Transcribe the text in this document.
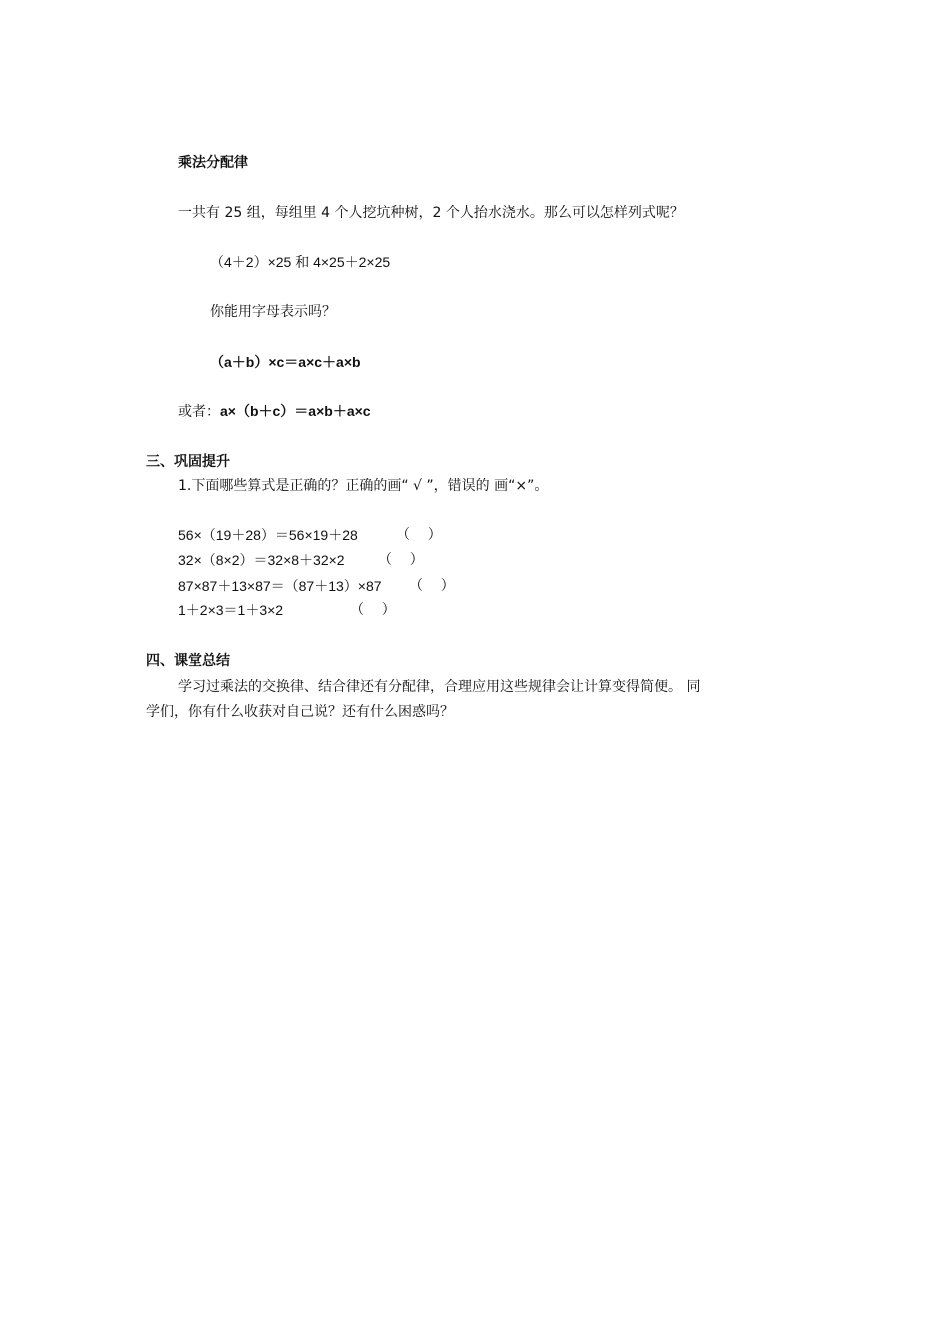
乘法分配律
一共有 25 组，每组里 4 个人挖坑种树，2 个人抬水浇水。那么可以怎样列式呢？
（4＋2）×25 和 4×25＋2×25
你能用字母表示吗？
（a＋b）×c＝a×c＋a×b
或者：a×（b＋c）＝a×b＋a×c
三、巩固提升
1.下面哪些算式是正确的？正确的画“ √ ”，错误的 画“×”。
56×（19＋28）＝56×19＋28	（    ）
32×（8×2）＝32×8＋32×2 （    ）
87×87＋13×87＝（87＋13）×87 （    ）
1＋2×3＝1＋3×2	（    ）
四、课堂总结
学习过乘法的交换律、结合律还有分配律，合理应用这些规律会让计算变得简便。 同
学们，你有什么收获对自己说？还有什么困惑吗？
